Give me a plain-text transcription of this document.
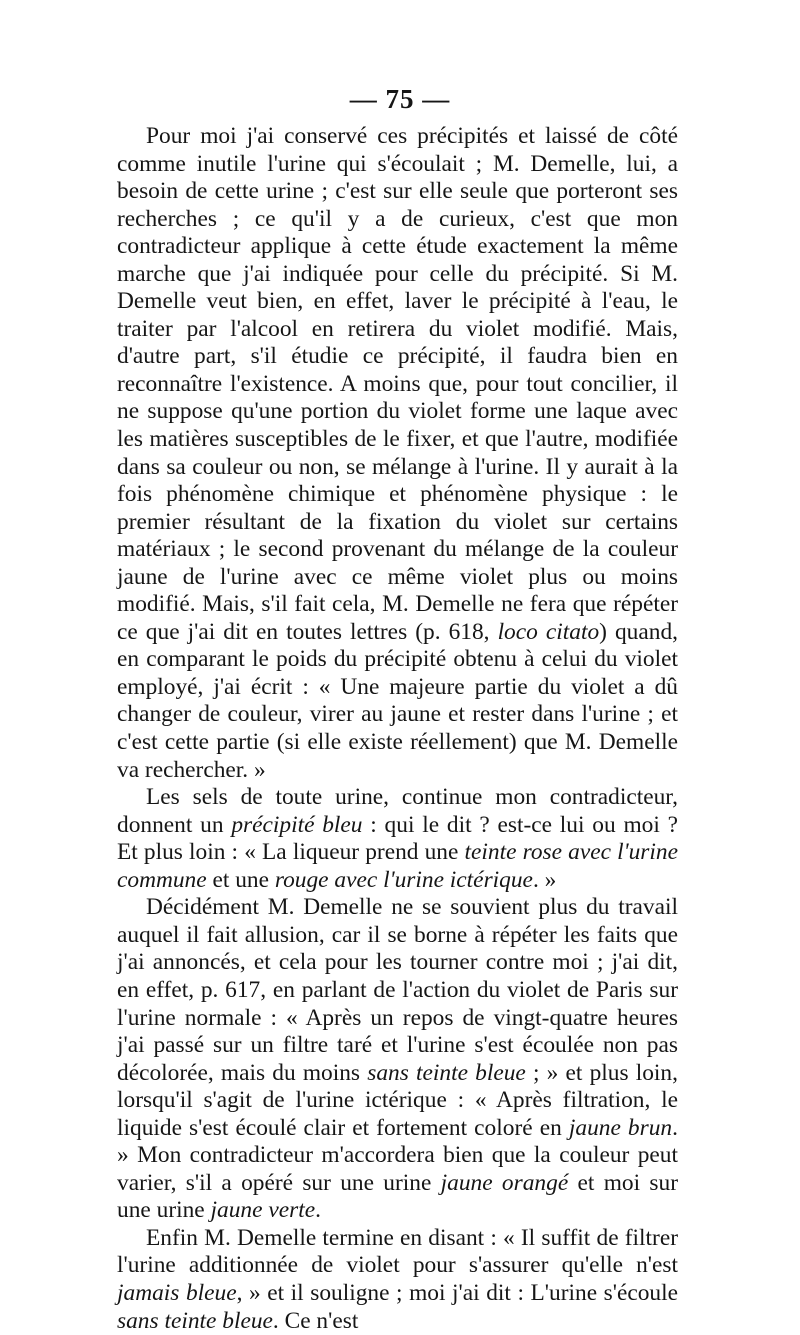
— 75 —

Pour moi j'ai conservé ces précipités et laissé de côté comme inutile l'urine qui s'écoulait ; M. Demelle, lui, a besoin de cette urine ; c'est sur elle seule que porteront ses recherches ; ce qu'il y a de curieux, c'est que mon contradicteur applique à cette étude exactement la même marche que j'ai indiquée pour celle du précipité. Si M. Demelle veut bien, en effet, laver le précipité à l'eau, le traiter par l'alcool en retirera du violet modifié. Mais, d'autre part, s'il étudie ce précipité, il faudra bien en reconnaître l'existence. A moins que, pour tout concilier, il ne suppose qu'une portion du violet forme une laque avec les matières susceptibles de le fixer, et que l'autre, modifiée dans sa couleur ou non, se mélange à l'urine. Il y aurait à la fois phénomène chimique et phénomène physique : le premier résultant de la fixation du violet sur certains matériaux ; le second provenant du mélange de la couleur jaune de l'urine avec ce même violet plus ou moins modifié. Mais, s'il fait cela, M. Demelle ne fera que répéter ce que j'ai dit en toutes lettres (p. 618, loco citato) quand, en comparant le poids du précipité obtenu à celui du violet employé, j'ai écrit : « Une majeure partie du violet a dû changer de couleur, virer au jaune et rester dans l'urine ; et c'est cette partie (si elle existe réellement) que M. Demelle va rechercher. »

Les sels de toute urine, continue mon contradicteur, donnent un précipité bleu : qui le dit ? est-ce lui ou moi ? Et plus loin : « La liqueur prend une teinte rose avec l'urine commune et une rouge avec l'urine ictérique. »

Décidément M. Demelle ne se souvient plus du travail auquel il fait allusion, car il se borne à répéter les faits que j'ai annoncés, et cela pour les tourner contre moi ; j'ai dit, en effet, p. 617, en parlant de l'action du violet de Paris sur l'urine normale : « Après un repos de vingt-quatre heures j'ai passé sur un filtre taré et l'urine s'est écoulée non pas décolorée, mais du moins sans teinte bleue ; » et plus loin, lorsqu'il s'agit de l'urine ictérique : « Après filtration, le liquide s'est écoulé clair et fortement coloré en jaune brun. » Mon contradicteur m'accordera bien que la couleur peut varier, s'il a opéré sur une urine jaune orangé et moi sur une urine jaune verte.

Enfin M. Demelle termine en disant : « Il suffit de filtrer l'urine additionnée de violet pour s'assurer qu'elle n'est jamais bleue, » et il souligne ; moi j'ai dit : L'urine s'écoule sans teinte bleue. Ce n'est
